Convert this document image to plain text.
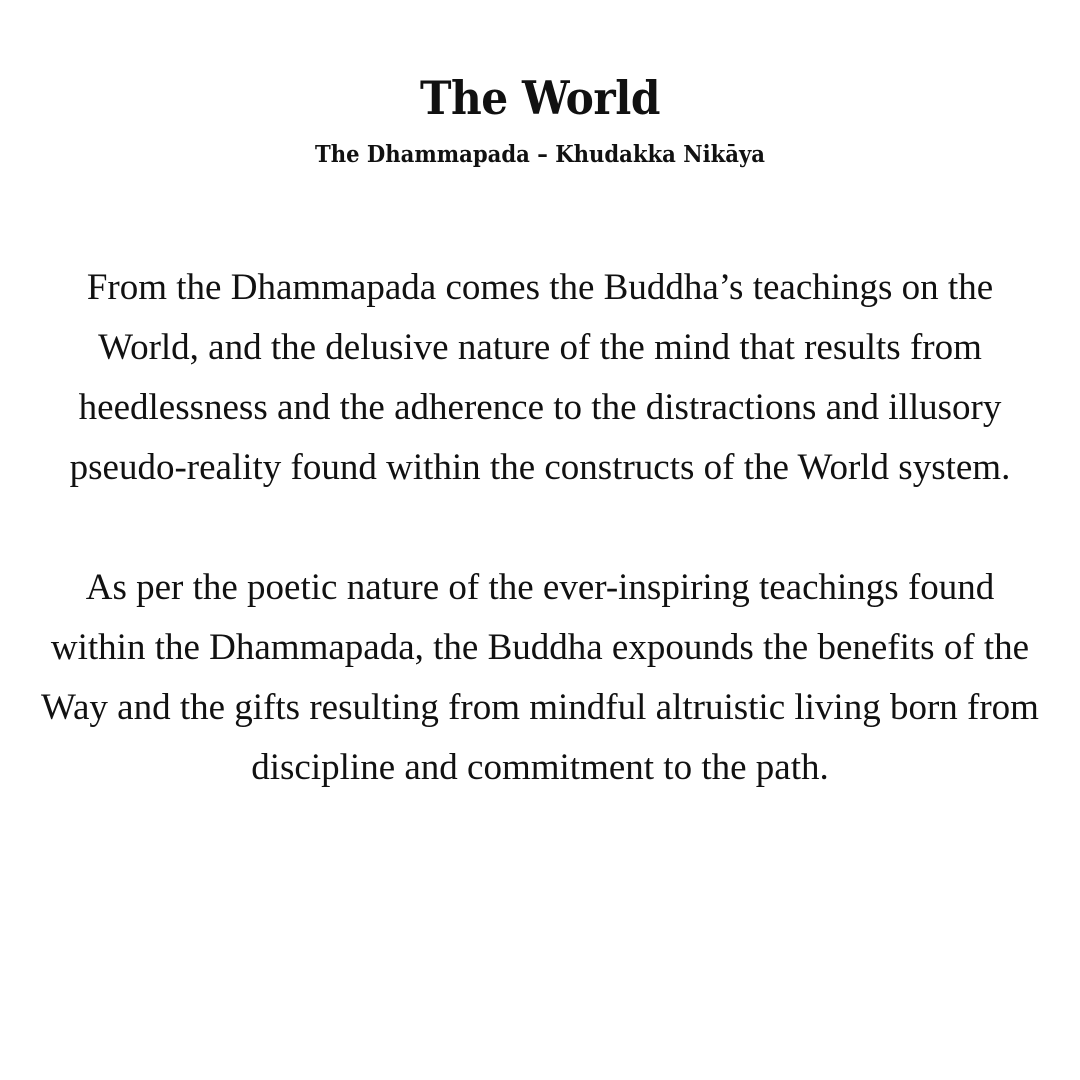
The World
The Dhammapada – Khudakka Nikāya

From the Dhammapada comes the Buddha’s teachings on the
World, and the delusive nature of the mind that results from
heedlessness and the adherence to the distractions and illusory
pseudo-reality found within the constructs of the World system.

As per the poetic nature of the ever-inspiring teachings found
within the Dhammapada, the Buddha expounds the benefits of the
Way and the gifts resulting from mindful altruistic living born from
discipline and commitment to the path.
